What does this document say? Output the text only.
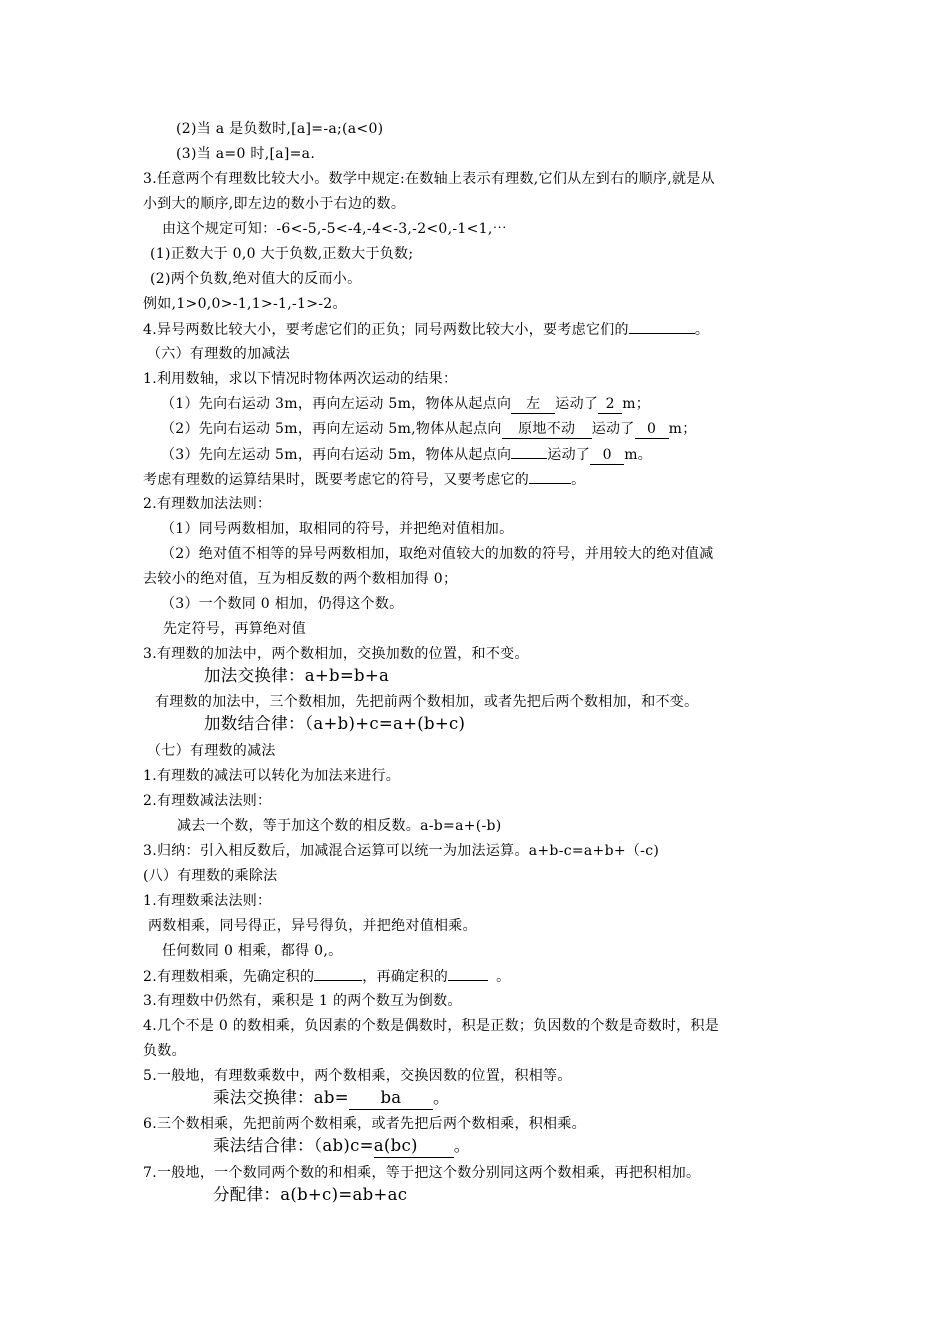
(2)当 a 是负数时,[a]=-a;(a<0)
(3)当 a=0 时,[a]=a.
3.任意两个有理数比较大小。数学中规定:在数轴上表示有理数,它们从左到右的顺序,就是从
小到大的顺序,即左边的数小于右边的数。
由这个规定可知：-6<-5,-5<-4,-4<-3,-2<0,-1<1,⋯
(1)正数大于 0,0 大于负数,正数大于负数;
(2)两个负数,绝对值大的反而小。
例如,1>0,0>-1,1>-1,-1>-2。
4.异号两数比较大小，要考虑它们的正负；同号两数比较大小，要考虑它们的	。
（六）有理数的加减法
1.利用数轴，求以下情况时物体两次运动的结果：
（1）先向右运动 3m，再向左运动 5m，物体从起点向 左 运动了 2 m；
（2）先向右运动 5m，再向左运动 5m,物体从起点向 原地不动 运动了 0 m；
（3）先向左运动 5m，再向右运动 5m，物体从起点向	运动了 0 m。
考虑有理数的运算结果时，既要考虑它的符号，又要考虑它的	。
2.有理数加法法则：
（1）同号两数相加，取相同的符号，并把绝对值相加。
（2）绝对值不相等的异号两数相加，取绝对值较大的加数的符号，并用较大的绝对值减
去较小的绝对值，互为相反数的两个数相加得 0；
（3）一个数同 0 相加，仍得这个数。
先定符号，再算绝对值
3.有理数的加法中，两个数相加，交换加数的位置，和不变。
加法交换律：a+b=b+a
有理数的加法中，三个数相加，先把前两个数相加，或者先把后两个数相加，和不变。
加数结合律：（a+b)+c=a+(b+c)
（七）有理数的减法
1.有理数的减法可以转化为加法来进行。
2.有理数减法法则：
减去一个数，等于加这个数的相反数。a-b=a+(-b)
3.归纳：引入相反数后，加减混合运算可以统一为加法运算。a+b-c=a+b+（-c)
(八）有理数的乘除法
1.有理数乘法法则：
两数相乘，同号得正，异号得负，并把绝对值相乘。
任何数同 0 相乘，都得 0,。
2.有理数相乘，先确定积的	，再确定积的	。
3.有理数中仍然有，乘积是 1 的两个数互为倒数。
4.几个不是 0 的数相乘，负因素的个数是偶数时，积是正数；负因数的个数是奇数时，积是
负数。
5.一般地，有理数乘数中，两个数相乘，交换因数的位置，积相等。
乘法交换律：ab= ba 。
6.三个数相乘，先把前两个数相乘，或者先把后两个数相乘，积相乘。
乘法结合律：（ab)c=a(bc) 。
7.一般地，一个数同两个数的和相乘，等于把这个数分别同这两个数相乘，再把积相加。
分配律：a(b+c)=ab+ac
